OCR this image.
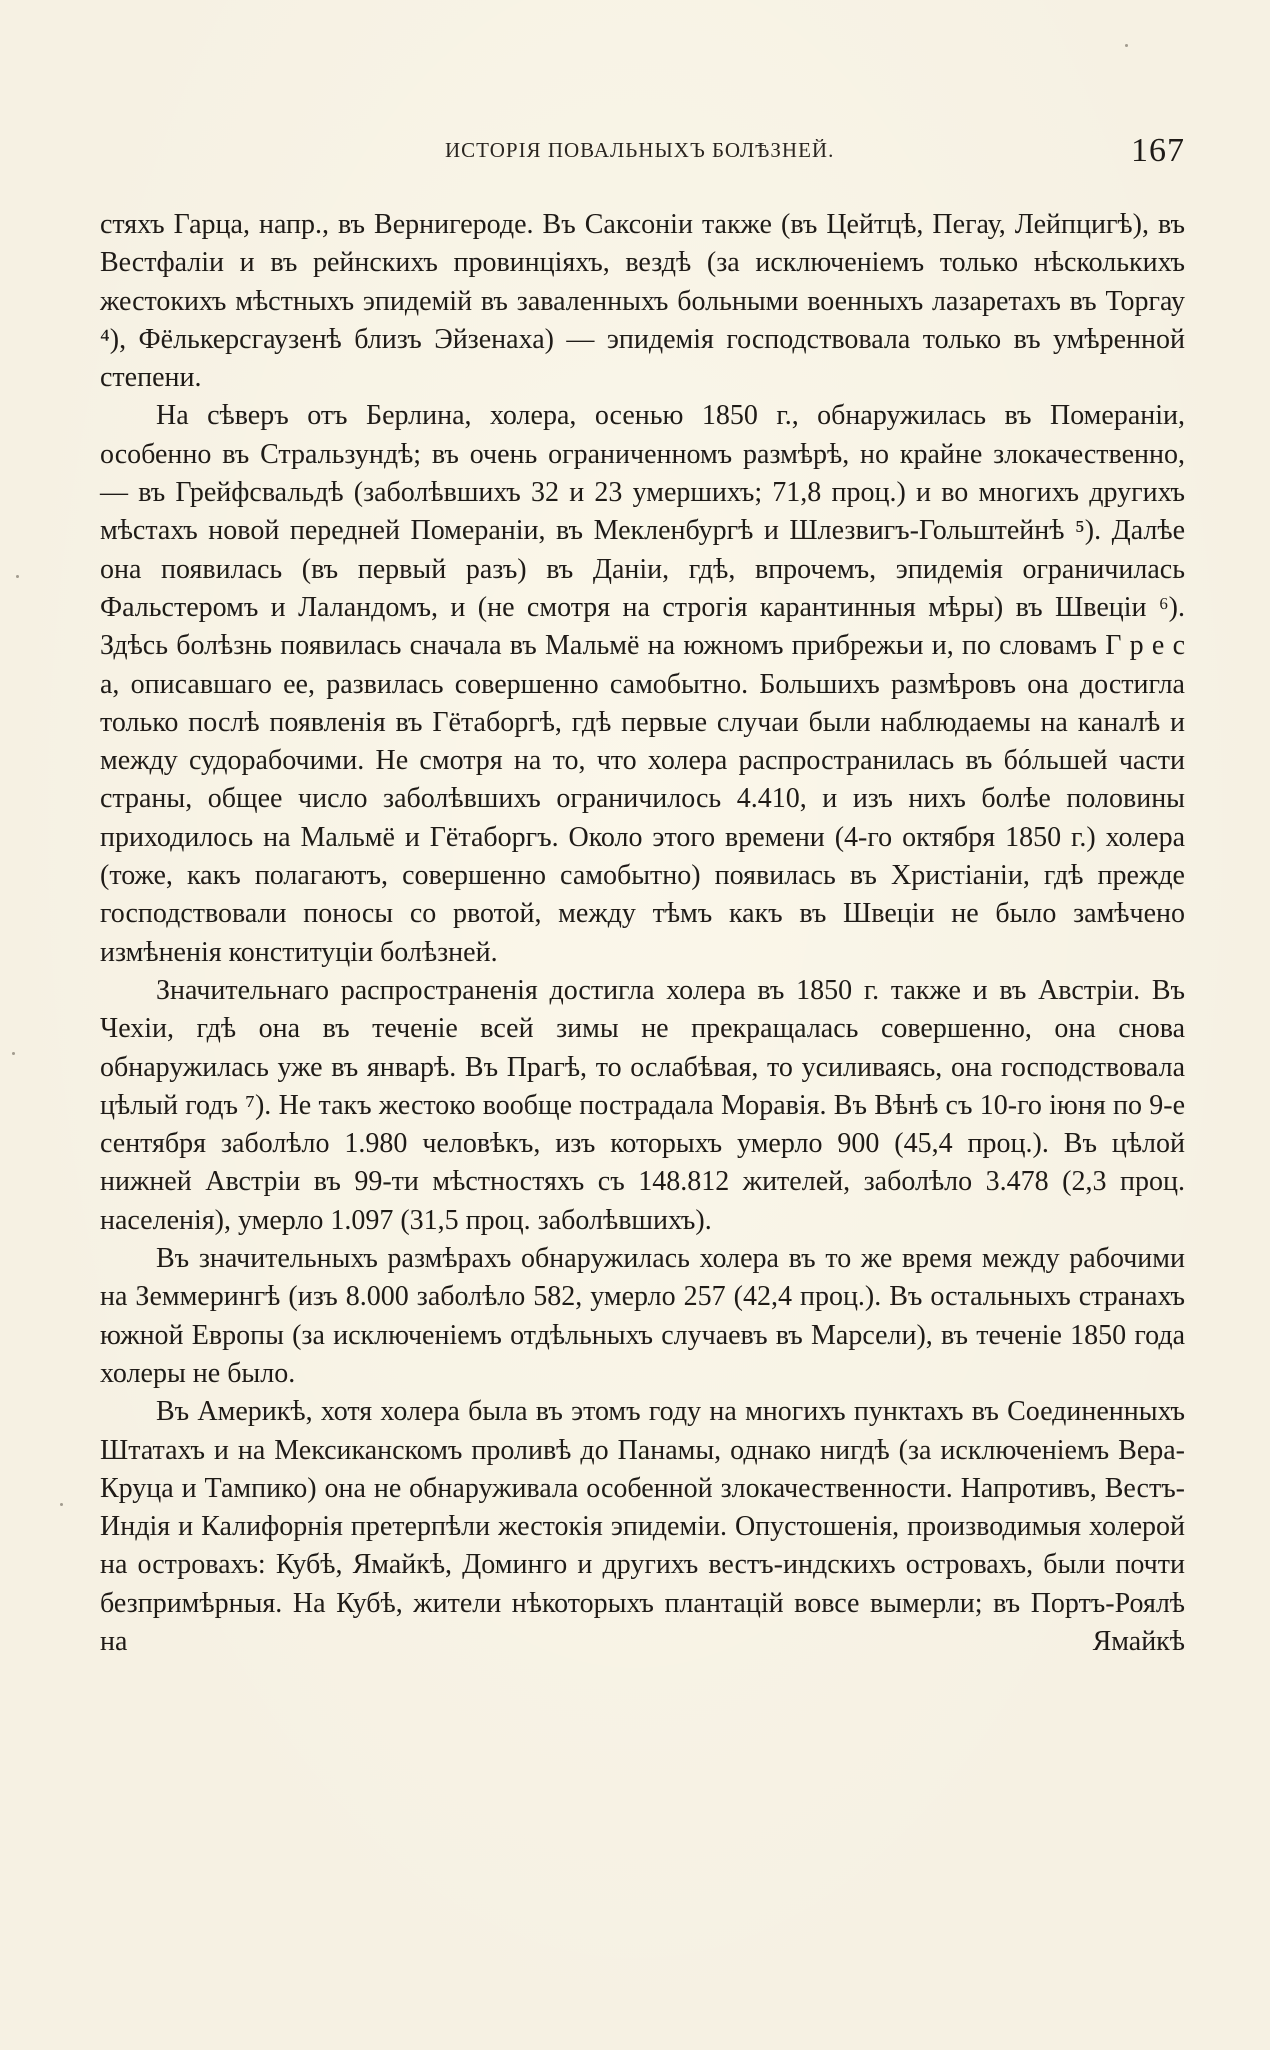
ИСТОРІЯ ПОВАЛЬНЫХЪ БОЛѢЗНЕЙ.	167

стяхъ Гарца, напр., въ Вернигероде. Въ Саксоніи также (въ Цейтцѣ, Пегау, Лейпцигѣ), въ Вестфаліи и въ рейнскихъ провинціяхъ, вездѣ (за исключеніемъ только нѣсколькихъ жестокихъ мѣстныхъ эпидемій въ заваленныхъ больными военныхъ лазаретахъ въ Торгау ⁴), Фёлькерсгаузенѣ близъ Эйзенаха) — эпидемія господствовала только въ умѣренной степени.

На сѣверъ отъ Берлина, холера, осенью 1850 г., обнаружилась въ Помераніи, особенно въ Стральзундѣ; въ очень ограниченномъ размѣрѣ, но крайне злокачественно, — въ Грейфсвальдѣ (заболѣвшихъ 32 и 23 умершихъ; 71,8 проц.) и во многихъ другихъ мѣстахъ новой передней Помераніи, въ Мекленбургѣ и Шлезвигъ-Гольштейнѣ ⁵). Далѣе она появилась (въ первый разъ) въ Даніи, гдѣ, впрочемъ, эпидемія ограничилась Фальстеромъ и Лаландомъ, и (не смотря на строгія карантинныя мѣры) въ Швеціи ⁶). Здѣсь болѣзнь появилась сначала въ Мальмё на южномъ прибрежьи и, по словамъ Г р е с а, описавшаго ее, развилась совершенно самобытно. Большихъ размѣровъ она достигла только послѣ появленія въ Гётаборгѣ, гдѣ первые случаи были наблюдаемы на каналѣ и между судорабочими. Не смотря на то, что холера распространилась въ бóльшей части страны, общее число заболѣвшихъ ограничилось 4.410, и изъ нихъ болѣе половины приходилось на Мальмё и Гётаборгъ. Около этого времени (4-го октября 1850 г.) холера (тоже, какъ полагаютъ, совершенно самобытно) появилась въ Христіаніи, гдѣ прежде господствовали поносы со рвотой, между тѣмъ какъ въ Швеціи не было замѣчено измѣненія конституціи болѣзней.

Значительнаго распространенія достигла холера въ 1850 г. также и въ Австріи. Въ Чехіи, гдѣ она въ теченіе всей зимы не прекращалась совершенно, она снова обнаружилась уже въ январѣ. Въ Прагѣ, то ослабѣвая, то усиливаясь, она господствовала цѣлый годъ ⁷). Не такъ жестоко вообще пострадала Моравія. Въ Вѣнѣ съ 10-го іюня по 9-е сентября заболѣло 1.980 человѣкъ, изъ которыхъ умерло 900 (45,4 проц.). Въ цѣлой нижней Австріи въ 99-ти мѣстностяхъ съ 148.812 жителей, заболѣло 3.478 (2,3 проц. населенія), умерло 1.097 (31,5 проц. заболѣвшихъ).

Въ значительныхъ размѣрахъ обнаружилась холера въ то же время между рабочими на Земмерингѣ (изъ 8.000 заболѣло 582, умерло 257 (42,4 проц.). Въ остальныхъ странахъ южной Европы (за исключеніемъ отдѣльныхъ случаевъ въ Марсели), въ теченіе 1850 года холеры не было.

Въ Америкѣ, хотя холера была въ этомъ году на многихъ пунктахъ въ Соединенныхъ Штатахъ и на Мексиканскомъ проливѣ до Панамы, однако нигдѣ (за исключеніемъ Вера-Круца и Тампико) она не обнаруживала особенной злокачественности. Напротивъ, Вестъ-Индія и Калифорнія претерпѣли жестокія эпидеміи. Опустошенія, производимыя холерой на островахъ: Кубѣ, Ямайкѣ, Доминго и другихъ вестъ-индскихъ островахъ, были почти безпримѣрныя. На Кубѣ, жители нѣкоторыхъ плантацій вовсе вымерли; въ Портъ-Роялѣ на Ямайкѣ
